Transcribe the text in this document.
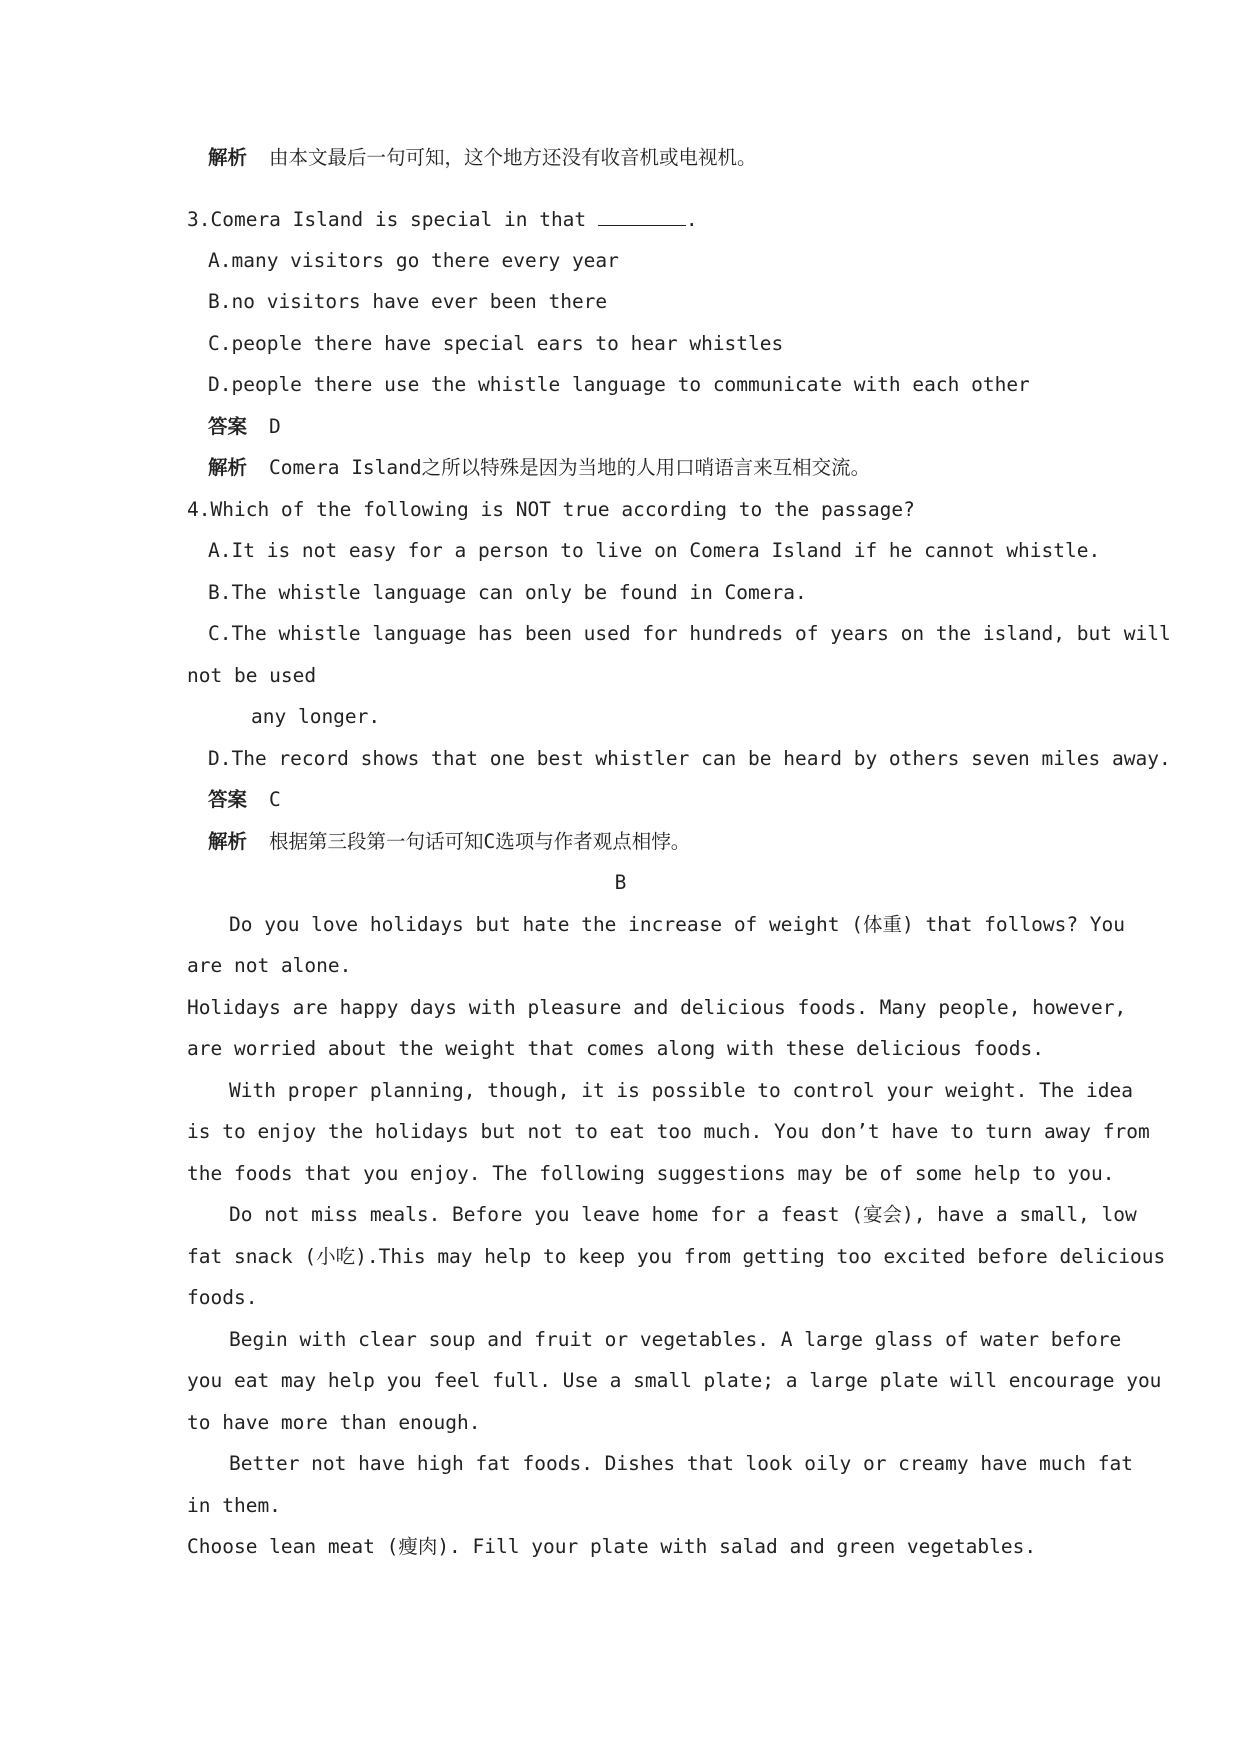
解析 由本文最后一句可知，这个地方还没有收音机或电视机。
3.Comera Island is special in that	.
A.many visitors go there every year
B.no visitors have ever been there
C.people there have special ears to hear whistles
D.people there use the whistle language to communicate with each other
答案 D
解析 Comera Island之所以特殊是因为当地的人用口哨语言来互相交流。
4.Which of the following is NOT true according to the passage?
A.It is not easy for a person to live on Comera Island if he cannot whistle.
B.The whistle language can only be found in Comera.
C.The whistle language has been used for hundreds of years on the island, but will
not be used
any longer.
D.The record shows that one best whistler can be heard by others seven miles away.
答案 C
解析 根据第三段第一句话可知C选项与作者观点相悖。
B
Do you love holidays but hate the increase of weight (体重) that follows? You
are not alone.
Holidays are happy days with pleasure and delicious foods. Many people, however,
are worried about the weight that comes along with these delicious foods.
With proper planning, though, it is possible to control your weight. The idea
is to enjoy the holidays but not to eat too much. You don’t have to turn away from
the foods that you enjoy. The following suggestions may be of some help to you.
Do not miss meals. Before you leave home for a feast (宴会), have a small, low
fat snack (小吃).This may help to keep you from getting too excited before delicious
foods.
Begin with clear soup and fruit or vegetables. A large glass of water before
you eat may help you feel full. Use a small plate; a large plate will encourage you
to have more than enough.
Better not have high fat foods. Dishes that look oily or creamy have much fat
in them.
Choose lean meat (瘦肉). Fill your plate with salad and green vegetables.
